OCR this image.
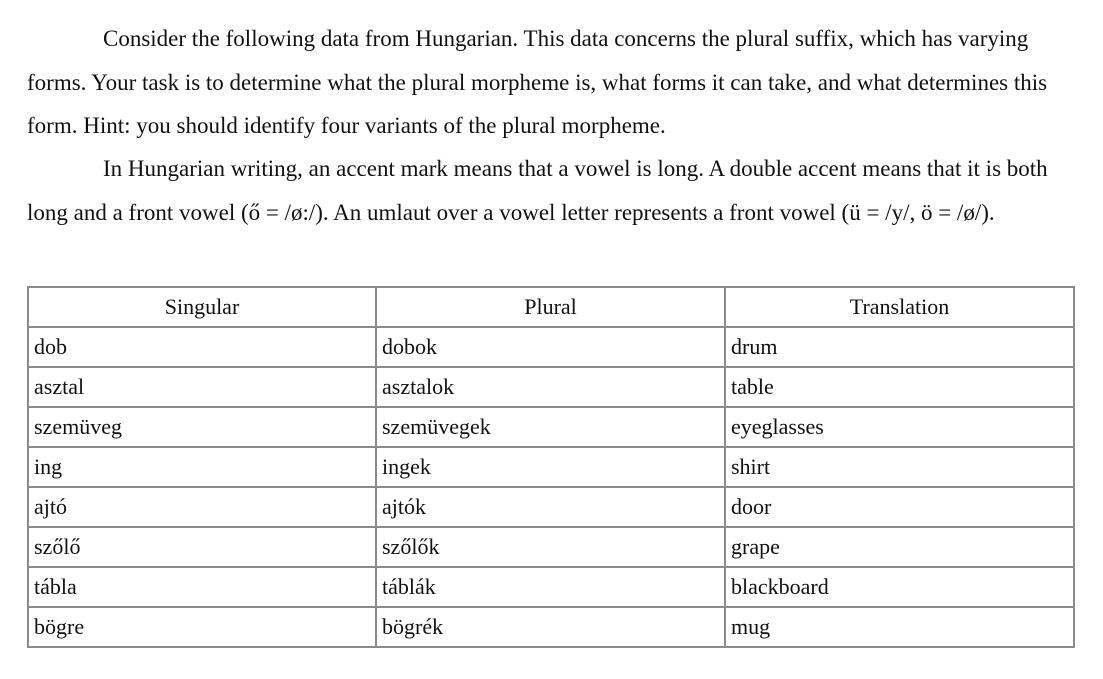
Consider the following data from Hungarian. This data concerns the plural suffix, which has varying forms. Your task is to determine what the plural morpheme is, what forms it can take, and what determines this form. Hint: you should identify four variants of the plural morpheme.

In Hungarian writing, an accent mark means that a vowel is long. A double accent means that it is both long and a front vowel (ő = /ø:/). An umlaut over a vowel letter represents a front vowel (ü = /y/, ö = /ø/).

Singular	Plural	Translation
dob	dobok	drum
asztal	asztalok	table
szemüveg	szemüvegek	eyeglasses
ing	ingek	shirt
ajtó	ajtók	door
szőlő	szőlők	grape
tábla	táblák	blackboard
bögre	bögrék	mug
